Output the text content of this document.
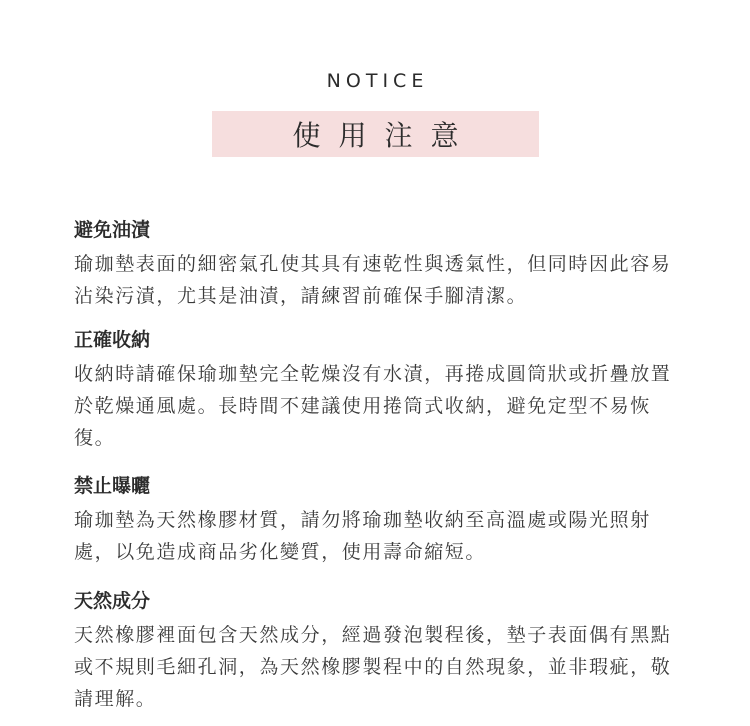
NOTICE
使用注意
避免油漬

瑜珈墊表面的細密氣孔使其具有速乾性與透氣性，但同時因此容易沾染污漬，尤其是油漬，請練習前確保手腳清潔。

正確收納

收納時請確保瑜珈墊完全乾燥沒有水漬，再捲成圓筒狀或折疊放置於乾燥通風處。長時間不建議使用捲筒式收納，避免定型不易恢復。

禁止曝曬

瑜珈墊為天然橡膠材質，請勿將瑜珈墊收納至高溫處或陽光照射處，以免造成商品劣化變質，使用壽命縮短。

天然成分

天然橡膠裡面包含天然成分，經過發泡製程後，墊子表面偶有黑點或不規則毛細孔洞，為天然橡膠製程中的自然現象，並非瑕疵，敬請理解。
